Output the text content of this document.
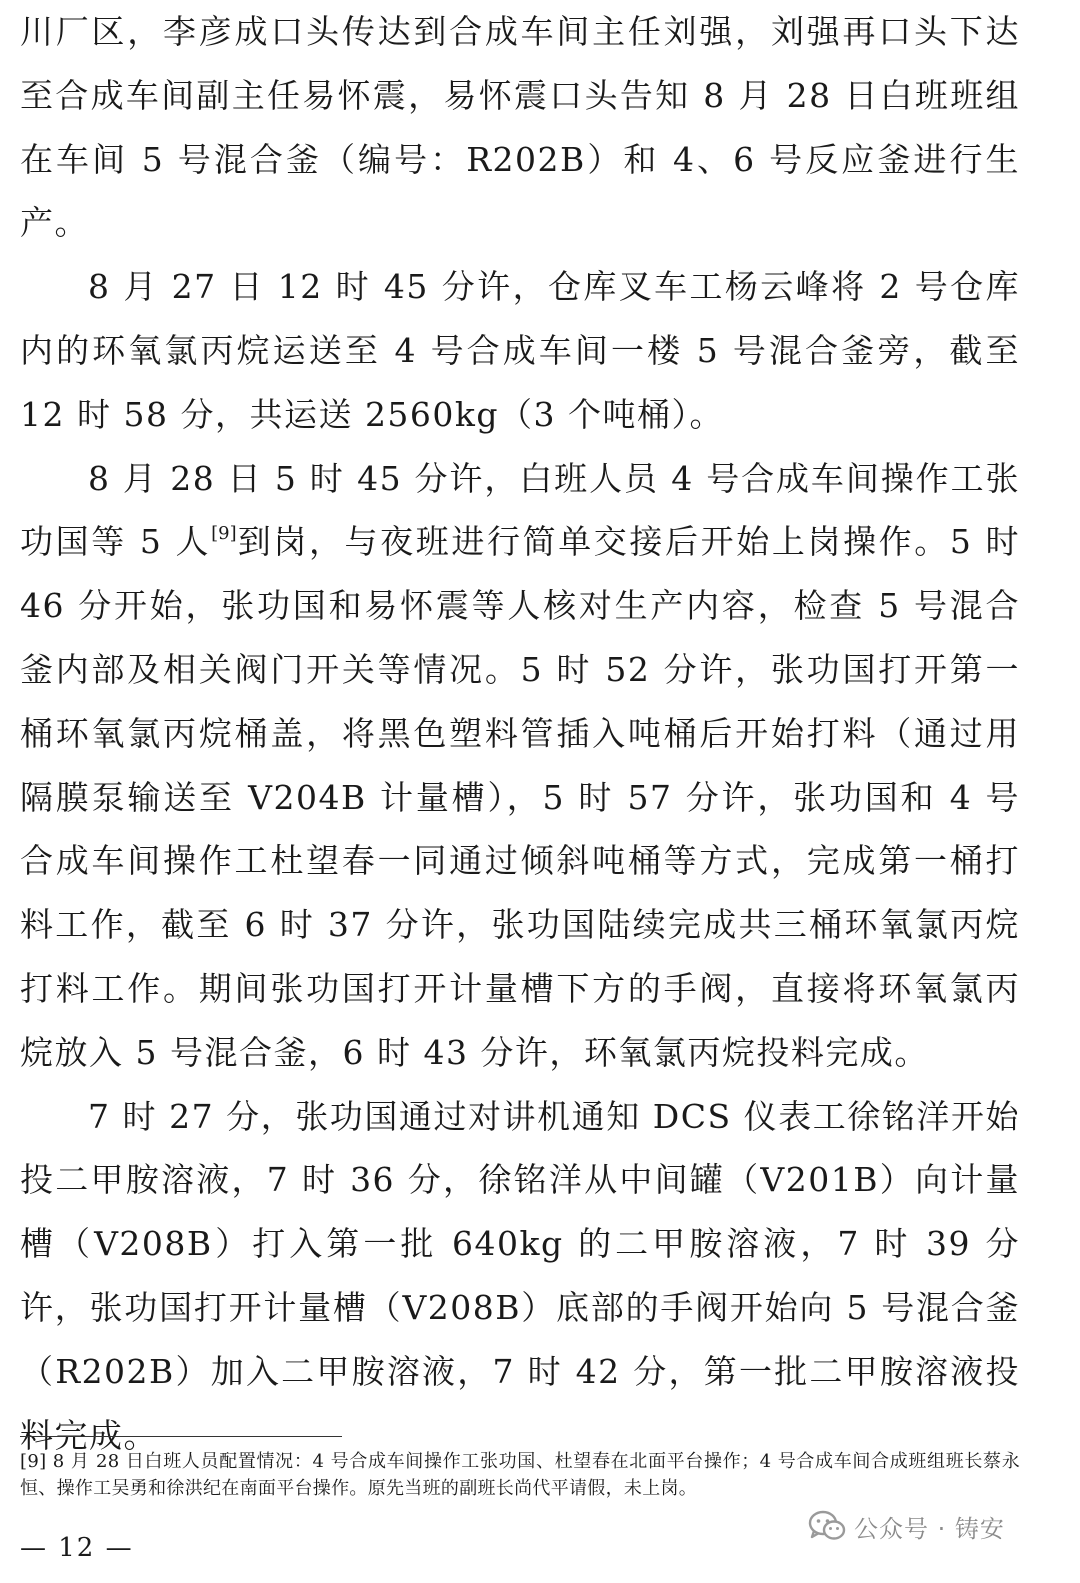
川厂区，李彦成口头传达到合成车间主任刘强，刘强再口头下达至合成车间副主任易怀震，易怀震口头告知 8 月 28 日白班班组在车间 5 号混合釜（编号：R202B）和 4、6 号反应釜进行生产。

8 月 27 日 12 时 45 分许，仓库叉车工杨云峰将 2 号仓库内的环氧氯丙烷运送至 4 号合成车间一楼 5 号混合釜旁，截至 12 时 58 分，共运送 2560kg（3 个吨桶）。

8 月 28 日 5 时 45 分许，白班人员 4 号合成车间操作工张功国等 5 人[9]到岗，与夜班进行简单交接后开始上岗操作。5 时 46 分开始，张功国和易怀震等人核对生产内容，检查 5 号混合釜内部及相关阀门开关等情况。5 时 52 分许，张功国打开第一桶环氧氯丙烷桶盖，将黑色塑料管插入吨桶后开始打料（通过用隔膜泵输送至 V204B 计量槽），5 时 57 分许，张功国和 4 号合成车间操作工杜望春一同通过倾斜吨桶等方式，完成第一桶打料工作，截至 6 时 37 分许，张功国陆续完成共三桶环氧氯丙烷打料工作。期间张功国打开计量槽下方的手阀，直接将环氧氯丙烷放入 5 号混合釜，6 时 43 分许，环氧氯丙烷投料完成。

7 时 27 分，张功国通过对讲机通知 DCS 仪表工徐铭洋开始投二甲胺溶液，7 时 36 分，徐铭洋从中间罐（V201B）向计量槽（V208B）打入第一批 640kg 的二甲胺溶液，7 时 39 分许，张功国打开计量槽（V208B）底部的手阀开始向 5 号混合釜（R202B）加入二甲胺溶液，7 时 42 分，第一批二甲胺溶液投料完成。

[9] 8 月 28 日白班人员配置情况：4 号合成车间操作工张功国、杜望春在北面平台操作；4 号合成车间合成班组班长蔡永恒、操作工吴勇和徐洪纪在南面平台操作。原先当班的副班长尚代平请假，未上岗。
— 12 —
公众号 · 铸安
